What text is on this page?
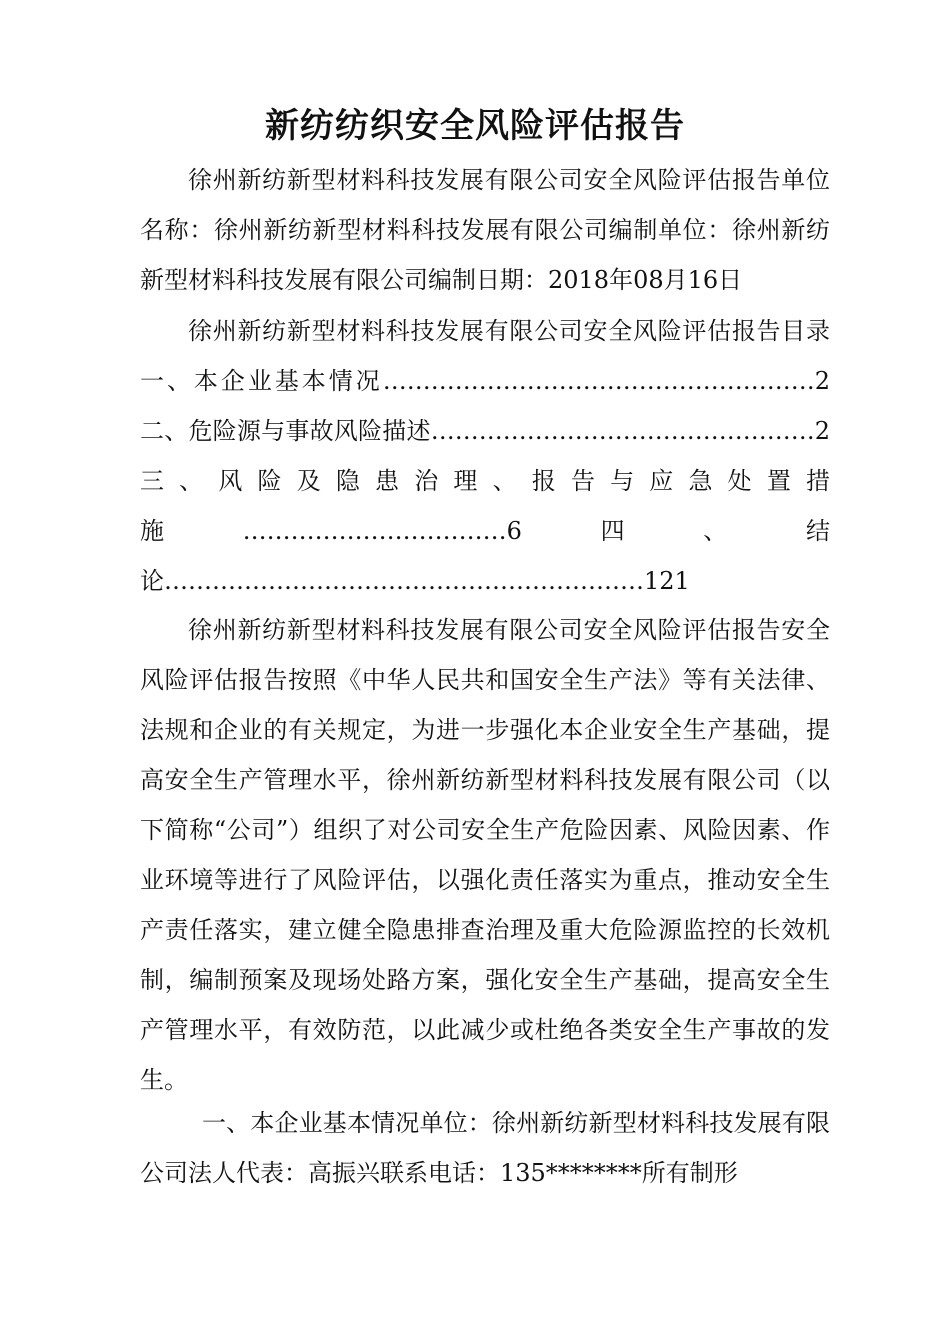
新纺纺织安全风险评估报告

徐州新纺新型材料科技发展有限公司安全风险评估报告单位名称：徐州新纺新型材料科技发展有限公司编制单位：徐州新纺新型材料科技发展有限公司编制日期：2018年08月16日

徐州新纺新型材料科技发展有限公司安全风险评估报告目录一、本企业基本情况………………………………………………2二、危险源与事故风险描述…………………………………………2三、风险及隐患治理、报告与应急处置措施……………………………6四、结论……………………………………………………121

徐州新纺新型材料科技发展有限公司安全风险评估报告安全风险评估报告按照《中华人民共和国安全生产法》等有关法律、法规和企业的有关规定，为进一步强化本企业安全生产基础，提高安全生产管理水平，徐州新纺新型材料科技发展有限公司（以下简称“公司”）组织了对公司安全生产危险因素、风险因素、作业环境等进行了风险评估，以强化责任落实为重点，推动安全生产责任落实，建立健全隐患排查治理及重大危险源监控的长效机制，编制预案及现场处路方案，强化安全生产基础，提高安全生产管理水平，有效防范，以此减少或杜绝各类安全生产事故的发生。

一、本企业基本情况单位：徐州新纺新型材料科技发展有限公司法人代表：高振兴联系电话：135********所有制形
